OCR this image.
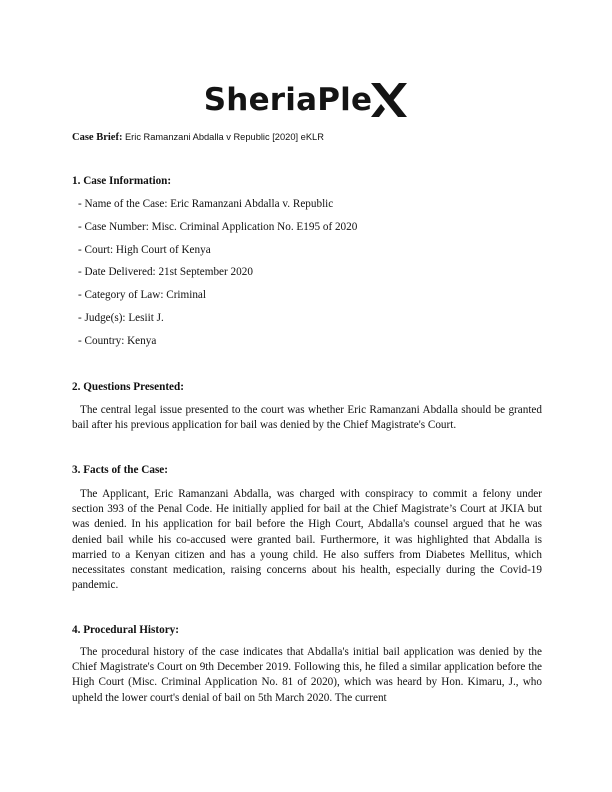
SheriaPle
Case Brief: Eric Ramanzani Abdalla v Republic [2020] eKLR
1. Case Information:
- Name of the Case: Eric Ramanzani Abdalla v. Republic
- Case Number: Misc. Criminal Application No. E195 of 2020
- Court: High Court of Kenya
- Date Delivered: 21st September 2020
- Category of Law: Criminal
- Judge(s): Lesiit J.
- Country: Kenya
2. Questions Presented:

The central legal issue presented to the court was whether Eric Ramanzani Abdalla should be granted bail after his previous application for bail was denied by the Chief Magistrate's Court.

3. Facts of the Case:

The Applicant, Eric Ramanzani Abdalla, was charged with conspiracy to commit a felony under section 393 of the Penal Code. He initially applied for bail at the Chief Magistrate’s Court at JKIA but was denied. In his application for bail before the High Court, Abdalla's counsel argued that he was denied bail while his co-accused were granted bail. Furthermore, it was highlighted that Abdalla is married to a Kenyan citizen and has a young child. He also suffers from Diabetes Mellitus, which necessitates constant medication, raising concerns about his health, especially during the Covid-19 pandemic.

4. Procedural History:

The procedural history of the case indicates that Abdalla's initial bail application was denied by the Chief Magistrate's Court on 9th December 2019. Following this, he filed a similar application before the High Court (Misc. Criminal Application No. 81 of 2020), which was heard by Hon. Kimaru, J., who upheld the lower court's denial of bail on 5th March 2020. The current
